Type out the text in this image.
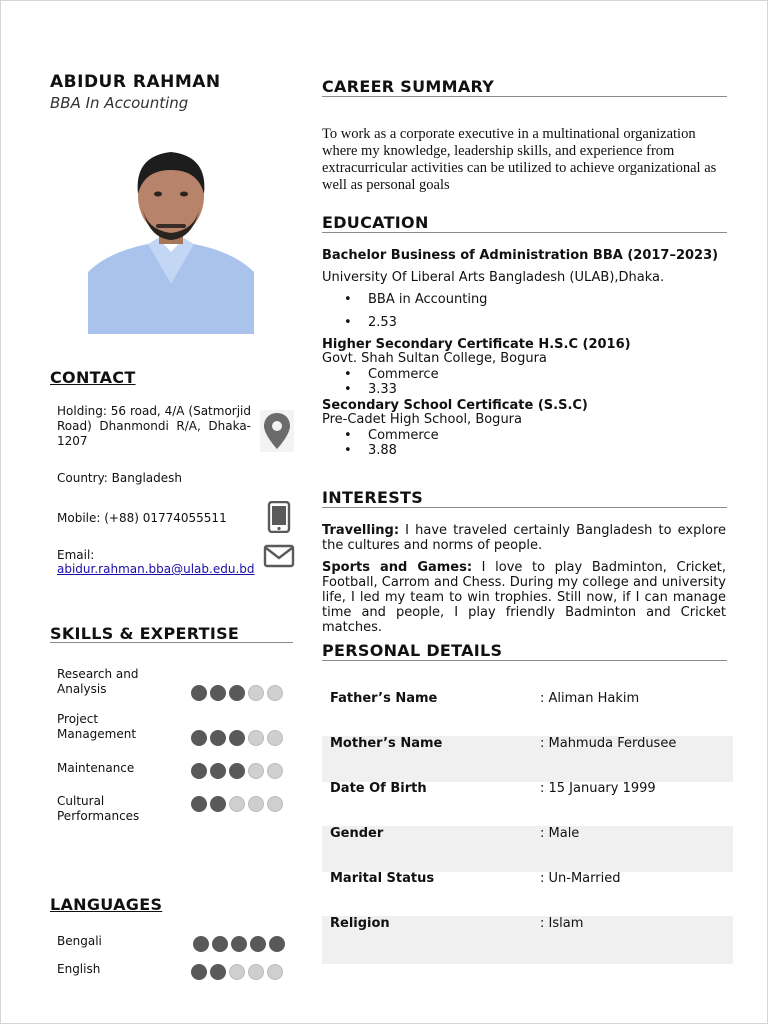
ABIDUR RAHMAN
BBA In Accounting
CONTACT
Holding: 56 road, 4/A (Satmorjid Road) Dhanmondi R/A, Dhaka-1207
Country: Bangladesh
Mobile: (+88) 01774055511
Email:
abidur.rahman.bba@ulab.edu.bd
SKILLS & EXPERTISE
Research and Analysis
Project Management
Maintenance
Cultural Performances
LANGUAGES
Bengali
English
CAREER SUMMARY
To work as a corporate executive in a multinational organization where my knowledge, leadership skills, and experience from extracurricular activities can be utilized to achieve organizational as well as personal goals
EDUCATION
Bachelor Business of Administration BBA (2017–2023)
University Of Liberal Arts Bangladesh (ULAB),Dhaka.
• BBA in Accounting
• 2.53
Higher Secondary Certificate H.S.C (2016)
Govt. Shah Sultan College, Bogura
• Commerce
• 3.33
Secondary School Certificate (S.S.C)
Pre-Cadet High School, Bogura
• Commerce
• 3.88
INTERESTS
Travelling: I have traveled certainly Bangladesh to explore the cultures and norms of people.
Sports and Games: I love to play Badminton, Cricket, Football, Carrom and Chess. During my college and university life, I led my team to win trophies. Still now, if I can manage time and people, I play friendly Badminton and Cricket matches.
PERSONAL DETAILS
Father’s Name	: Aliman Hakim
Mother’s Name	: Mahmuda Ferdusee
Date Of Birth	: 15 January 1999
Gender	: Male
Marital Status	: Un-Married
Religion	: Islam
